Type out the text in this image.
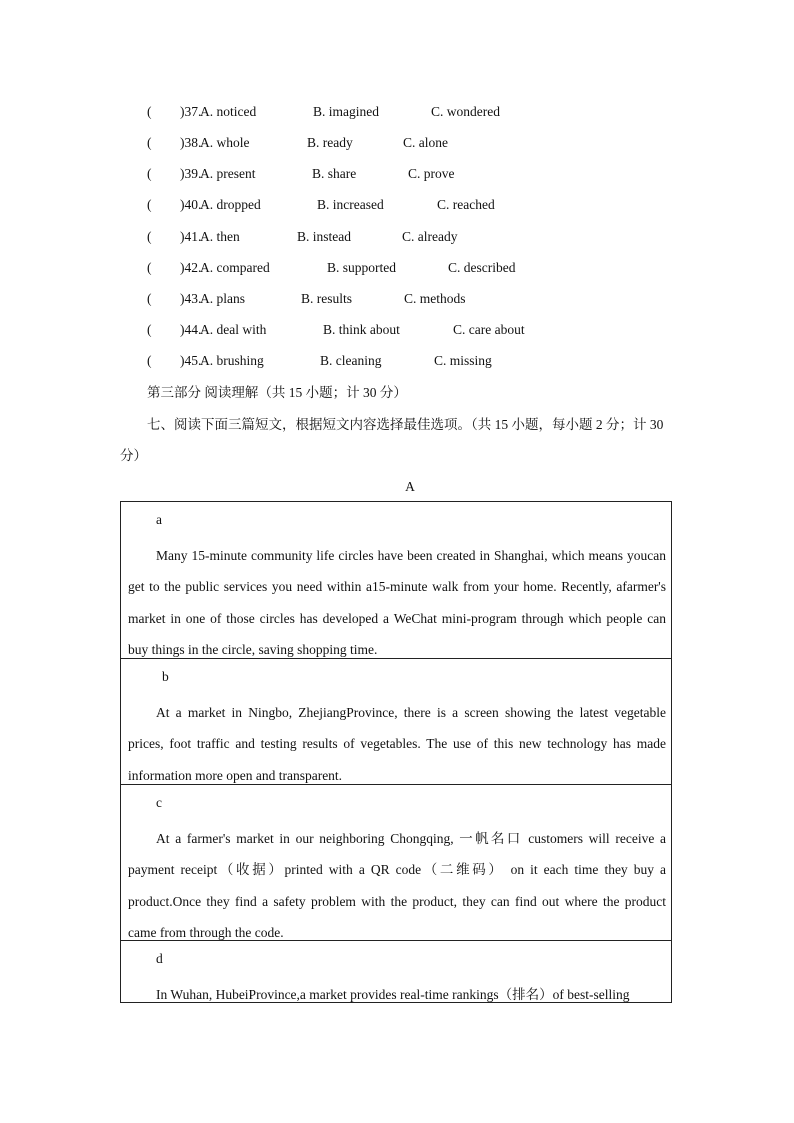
( )37.
A. noticed	B. imagined	C. wondered
( )38.
A. whole	B. ready	C. alone
( )39.
A. present	B. share	C. prove
( )40.
A. dropped	B. increased	C. reached
( )41.
A. then	B. instead	C. already
( )42.
A. compared	B. supported	C. described
( )43.
A. plans	B. results	C. methods
( )44.
A. deal with	B. think about	C. care about
( )45.
A. brushing	B. cleaning	C. missing
第三部分 阅读理解（共 15 小题；计 30 分）
七、阅读下面三篇短文，根据短文内容选择最佳选项。（共 15 小题，每小题 2 分；计 30 分）
A
a
Many 15-minute community life circles have been created in Shanghai, which means youcan get to the public services you need within a15-minute walk from your home. Recently, afarmer's market in one of those circles has developed a WeChat mini-program through which people can buy things in the circle, saving shopping time.
b
At a market in Ningbo, ZhejiangProvince, there is a screen showing the latest vegetable prices, foot traffic and testing results of vegetables. The use of this new technology has made information more open and transparent.
c
At a farmer's market in our neighboring Chongqing, 一帆名口 customers will receive a payment receipt（收据）printed with a QR code（二维码） on it each time they buy a product.Once they find a safety problem with the product, they can find out where the product came from through the code.
d
In Wuhan, HubeiProvince,a market provides real-time rankings（排名）of best-selling
